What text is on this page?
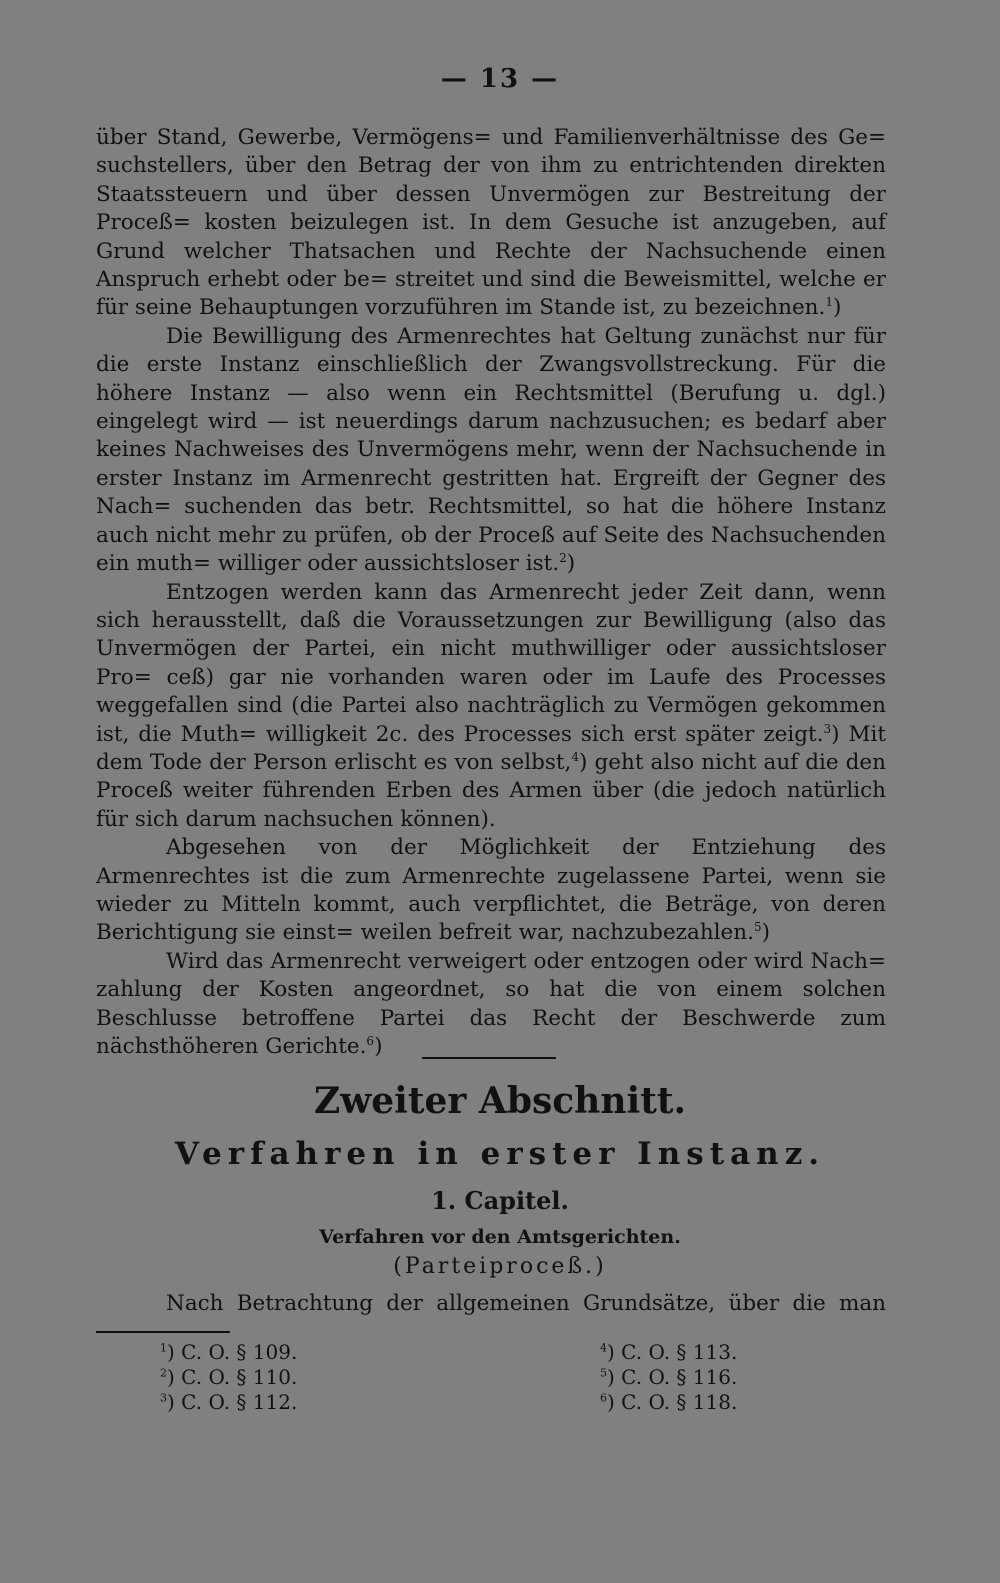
— 13 —

über Stand, Gewerbe, Vermögens= und Familienverhältnisse des Ge= suchstellers, über den Betrag der von ihm zu entrichtenden direkten Staatssteuern und über dessen Unvermögen zur Bestreitung der Proceß= kosten beizulegen ist. In dem Gesuche ist anzugeben, auf Grund welcher Thatsachen und Rechte der Nachsuchende einen Anspruch erhebt oder be= streitet und sind die Beweismittel, welche er für seine Behauptungen vorzuführen im Stande ist, zu bezeichnen.$^1$)

Die Bewilligung des Armenrechtes hat Geltung zunächst nur für die erste Instanz einschließlich der Zwangsvollstreckung. Für die höhere Instanz — also wenn ein Rechtsmittel (Berufung u. dgl.) eingelegt wird — ist neuerdings darum nachzusuchen; es bedarf aber keines Nachweises des Unvermögens mehr, wenn der Nachsuchende in erster Instanz im Armenrecht gestritten hat. Ergreift der Gegner des Nach= suchenden das betr. Rechtsmittel, so hat die höhere Instanz auch nicht mehr zu prüfen, ob der Proceß auf Seite des Nachsuchenden ein muth= williger oder aussichtsloser ist.$^2$)

Entzogen werden kann das Armenrecht jeder Zeit dann, wenn sich herausstellt, daß die Voraussetzungen zur Bewilligung (also das Unvermögen der Partei, ein nicht muthwilliger oder aussichtsloser Pro= ceß) gar nie vorhanden waren oder im Laufe des Processes weggefallen sind (die Partei also nachträglich zu Vermögen gekommen ist, die Muth= willigkeit 2c. des Processes sich erst später zeigt.$^3$) Mit dem Tode der Person erlischt es von selbst,$^4$) geht also nicht auf die den Proceß weiter führenden Erben des Armen über (die jedoch natürlich für sich darum nachsuchen können).

Abgesehen von der Möglichkeit der Entziehung des Armenrechtes ist die zum Armenrechte zugelassene Partei, wenn sie wieder zu Mitteln kommt, auch verpflichtet, die Beträge, von deren Berichtigung sie einst= weilen befreit war, nachzubezahlen.$^5$)

Wird das Armenrecht verweigert oder entzogen oder wird Nach= zahlung der Kosten angeordnet, so hat die von einem solchen Beschlusse betroffene Partei das Recht der Beschwerde zum nächsthöheren Gerichte.$^6$)

Zweiter Abschnitt.
Verfahren in erster Instanz.
1. Capitel.
Verfahren vor den Amtsgerichten.
(Parteiproceß.)
Nach Betrachtung der allgemeinen Grundsätze, über die man
$^1$) C. O. § 109.
$^2$) C. O. § 110.
$^3$) C. O. § 112.
$^4$) C. O. § 113.
$^5$) C. O. § 116.
$^6$) C. O. § 118.
